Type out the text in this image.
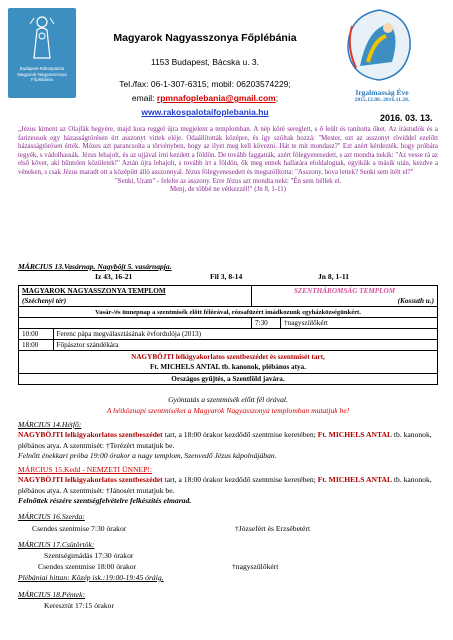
Budapest-Rákospalota Magyarok Nagyasszonya Főplébánia
Irgalmasság Éve
2015.12.08.-2016.11.20.
Magyarok Nagyasszonya Főplébánia
1153 Budapest, Bácska u. 3.
Tel./fax: 06-1-307-6315; mobil: 06203574229;
email: rpmnafoplebania@gmail.com;
www.rakospalotaifoplebania.hu
2016. 03. 13.
„Jézus kiment az Olajfák hegyére, majd kora reggel újra megjelent a templomban. A nép köré sereglett, s ő leült és tanította őket. Az írástudók és a farizeusok egy házasságtörésen ért asszonyt vittek eléje. Odaállították középre, és így szóltak hozzá: "Mester, ezt az asszonyt röviddel ezelőtt házasságtörésen érték. Mózes azt parancsolta a törvényben, hogy az ilyet meg kell kövezni. Hát te mit mondasz?" Ezt azért kérdezték, hogy próbára tegyék, s vádolhassák. Jézus lehajolt, és az ujjával írni kezdett a földön. De tovább faggatták, azért fölegyenesedett, s azt mondta nekik: "Az vesse rá az első követ, aki bűntelen közületek!" Aztán újra lehajolt, s tovább írt a földön, ők meg ennek hallatára eloldalogtak, egyikük a másik után, kezdve a véneken, s csak Jézus maradt ott a középütt álló asszonnyal. Jézus fölegyenesedett és megszólította: "Asszony, hova lettek? Senki sem ítélt el?"
"Senki, Uram" - felelte az asszony. Erre Jézus azt mondta neki: "Én sem ítéllek el.
Menj, de többé ne vétkezzél!" (Jn 8, 1-11)
MÁRCIUS 13.Vasárnap. Nagyböjt 5. vasárnapja.
Iz 43, 16-21	Fil 3, 8-14	Jn 8, 1-11
MAGYAROK NAGYASSZONYA TEMPLOM		SZENTHÁROMSÁG TEMPLOM	
(Széchenyi tér)		(Kossuth u.)	
Vasár-/és ünnepnap a szentmisék előtt félórával, rózsafüzért imádkozunk egyházközségünkért.			
		7:30	†nagyszülőkért
10:00	Ferenc pápa megválasztásának évfordulója (2013)		
18:00	Főpásztor szándékára		

NAGYBÖJTI lelkigyakorlatos szentbeszédet és szentmisét tart,
Ft. MICHELS ANTAL tb. kanonok, plébános atya.			

Országos gyűjtés, a Szentföld javára.			
Gyóntatás a szentmisék előtt fél órával.
A hétköznapi szentmiséket a Magyarok Nagyasszonya templomban mutatjuk be!
MÁRCIUS 14.Hétfő:
NAGYBÖJTI lelkigyakorlatos szentbeszédet tart, a 18:00 órakor kezdődő szentmise keretében; Ft. MICHELS ANTAL tb. kanonok, plébános atya. A szentmisét: †Terézért mutatjuk be.
Felnőtt énekkari próba 19:00 órakor a nagy templom, Szenvedő Jézus kápolnájában.
MÁRCIUS 15.Kedd - NEMZETI ÜNNEP!:
NAGYBÖJTI lelkigyakorlatos szentbeszédet tart, a 18:00 órakor kezdődő szentmise keretében; Ft. MICHELS ANTAL tb. kanonok, plébános atya. A szentmisét: †Jánosért mutatjuk be.
Felnőttek részére szentségfelvételre felkészítés elmarad.
MÁRCIUS 16.Szerda:
Csendes szentmise 7:30 órakor	†Józsefért és Erzsébetért
MÁRCIUS 17.Csütörtök:
Szentségimádás 17:30 órakor
Csendes szentmise 18:00 órakor	†nagyszülőkért
Plébániai hittan: Közép isk.:19:00-19:45 óráig.
MÁRCIUS 18.Péntek:
Keresztút 17:15 órakor
